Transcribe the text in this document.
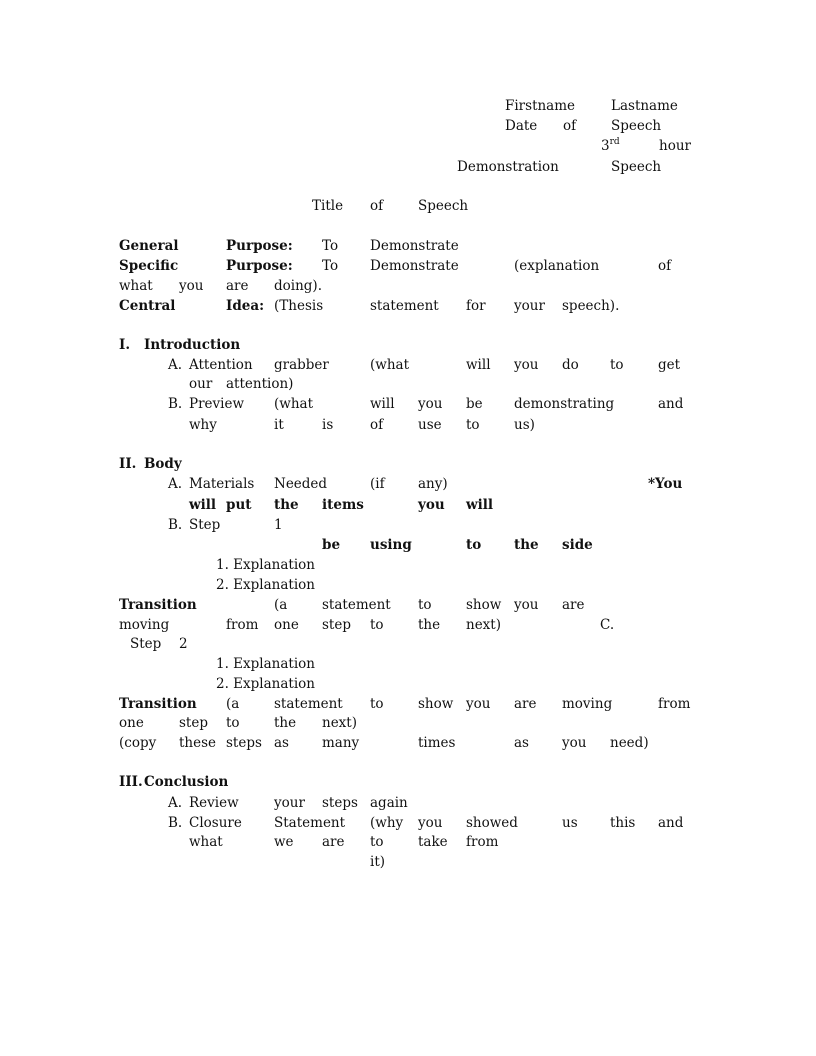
Firstname	Lastname
Date of	Speech
3rd	hour
Demonstration	Speech
Title of	Speech
General	Purpose: To Demonstrate
Specific	Purpose: To Demonstrate	(explanation	of
what you are doing).
Central	Idea: (Thesis	statement for your speech).
I. Introduction
A. Attention grabber	(what	will you do to	get
our attention)
B. Preview (what	will you be demonstrating	and
why	it	is	of	use to	us)
II. Body
A. Materials Needed	(if any)	*You
will put the items	you will
be using	to the side
B. Step	1
1. Explanation
2. Explanation
Transition	(a	statement to	show you are
moving	from one step to	the next)	C.
Step 2
1. Explanation
2. Explanation
Transition (a	statement to	show you are moving	from
one	step to	the next)
(copy these steps as many	times	as you need)
III. Conclusion
A. Review	your steps again
B. Closure Statement (why you showed	us this and
what	we are to	take from
it)
